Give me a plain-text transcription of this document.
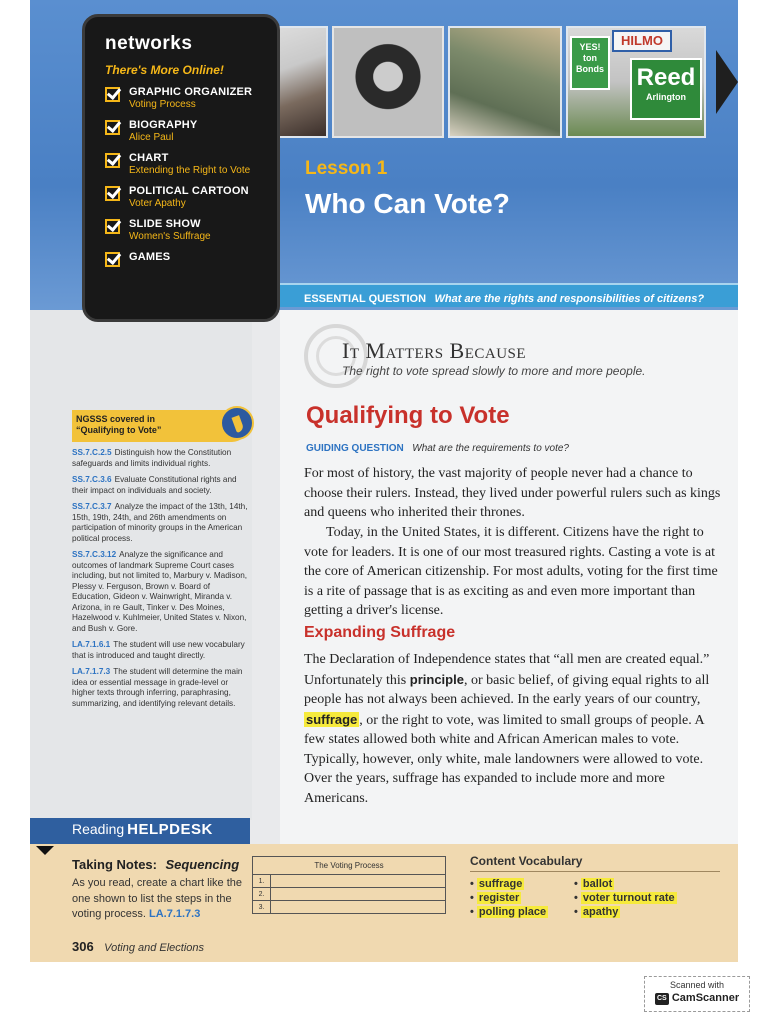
YES! ton Bonds
HILMO
Reed
Arlington
Lesson 1
Who Can Vote?
ESSENTIAL QUESTION What are the rights and responsibilities of citizens?
NGSSS covered in
“Qualifying to Vote”
SS.7.C.2.5 Distinguish how the Constitution safeguards and limits individual rights.
SS.7.C.3.6 Evaluate Constitutional rights and their impact on individuals and society.
SS.7.C.3.7 Analyze the impact of the 13th, 14th, 15th, 19th, 24th, and 26th amendments on participation of minority groups in the American political process.
SS.7.C.3.12 Analyze the significance and outcomes of landmark Supreme Court cases including, but not limited to, Marbury v. Madison, Plessy v. Ferguson, Brown v. Board of Education, Gideon v. Wainwright, Miranda v. Arizona, in re Gault, Tinker v. Des Moines, Hazelwood v. Kuhlmeier, United States v. Nixon, and Bush v. Gore.
LA.7.1.6.1 The student will use new vocabulary that is introduced and taught directly.
LA.7.1.7.3 The student will determine the main idea or essential message in grade-level or higher texts through inferring, paraphrasing, summarizing, and identifying relevant details.
It Matters Because
The right to vote spread slowly to more and more people.
Qualifying to Vote
GUIDING QUESTION What are the requirements to vote?

For most of history, the vast majority of people never had a chance to choose their rulers. Instead, they lived under powerful rulers such as kings and queens who inherited their thrones.

Today, in the United States, it is different. Citizens have the right to vote for leaders. It is one of our most treasured rights. Casting a vote is at the core of American citizenship. For most adults, voting for the first time is a rite of passage that is as exciting as and even more important than getting a driver's license.

Expanding Suffrage

The Declaration of Independence states that “all men are created equal.” Unfortunately this principle, or basic belief, of giving equal rights to all people has not always been achieved. In the early years of our country, suffrage , or the right to vote, was limited to small groups of people. A few states allowed both white and African American males to vote. Typically, however, only white, male landowners were allowed to vote. Over the years, suffrage has expanded to include more and more Americans.

Reading HELPDESK
Taking Notes: Sequencing

As you read, create a chart like the one shown to list the steps in the voting process. LA.7.1.7.3

The Voting Process	
1.	
2.	
3.	
Content Vocabulary
• suffrage	• ballot
• register	• voter turnout rate
• polling place	• apathy
306 Voting and Elections
networks
There's More Online!
GRAPHIC ORGANIZER
Voting Process
BIOGRAPHY
Alice Paul
CHART
Extending the Right to Vote
POLITICAL CARTOON
Voter Apathy
SLIDE SHOW
Women's Suffrage
GAMES
Scanned with
CS CamScanner
